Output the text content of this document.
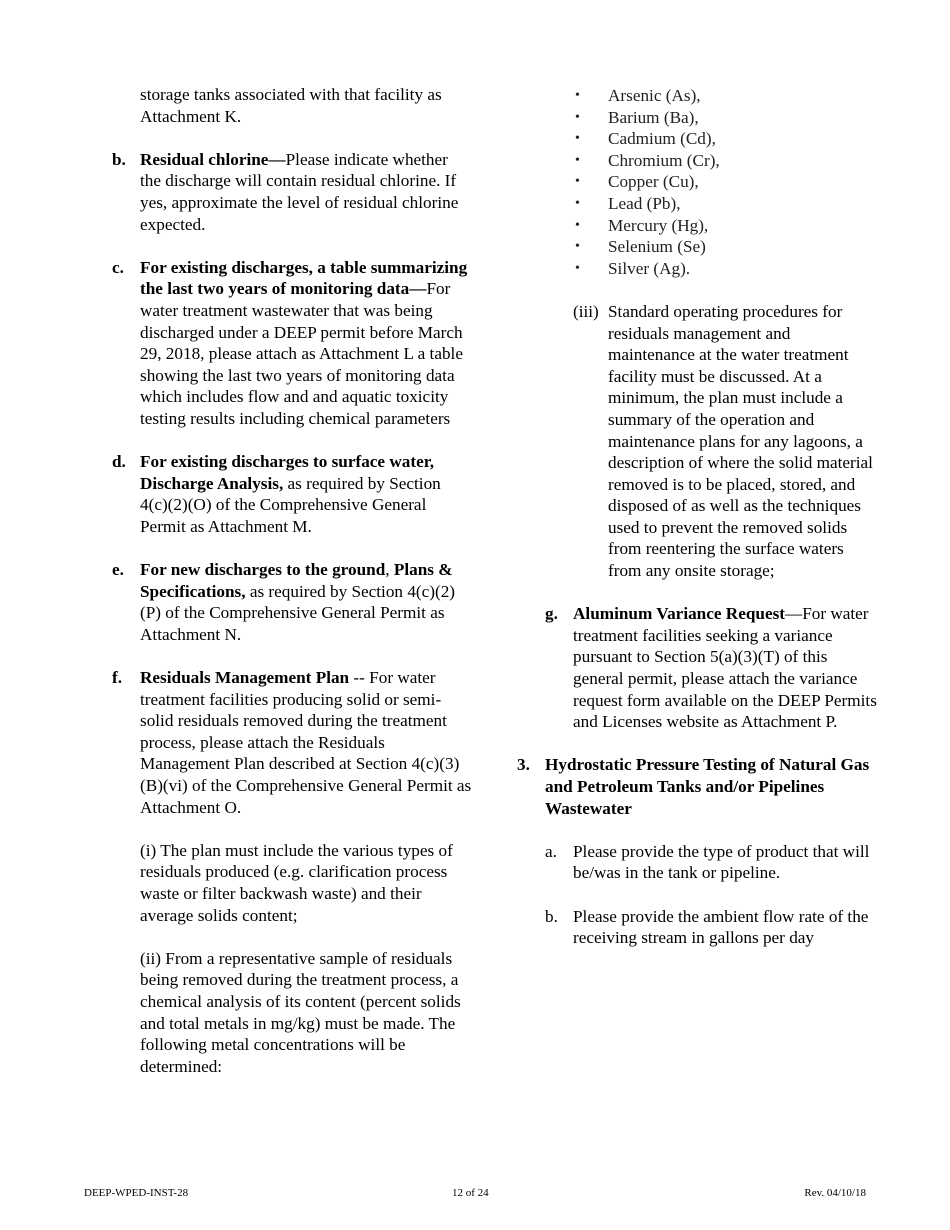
storage tanks associated with that facility as Attachment K.
b. Residual chlorine—Please indicate whether the discharge will contain residual chlorine. If yes, approximate the level of residual chlorine expected.
c. For existing discharges, a table summarizing the last two years of monitoring data—For water treatment wastewater that was being discharged under a DEEP permit before March 29, 2018, please attach as Attachment L a table showing the last two years of monitoring data which includes flow and and aquatic toxicity testing results including chemical parameters
d. For existing discharges to surface water, Discharge Analysis, as required by Section 4(c)(2)(O) of the Comprehensive General Permit as Attachment M.
e. For new discharges to the ground, Plans & Specifications, as required by Section 4(c)(2)(P) of the Comprehensive General Permit as Attachment N.
f. Residuals Management Plan -- For water treatment facilities producing solid or semi-solid residuals removed during the treatment process, please attach the Residuals Management Plan described at Section 4(c)(3)(B)(vi) of the Comprehensive General Permit as Attachment O.
(i) The plan must include the various types of residuals produced (e.g. clarification process waste or filter backwash waste) and their average solids content;
(ii) From a representative sample of residuals being removed during the treatment process, a chemical analysis of its content (percent solids and total metals in mg/kg) must be made. The following metal concentrations will be determined:
• Arsenic (As),
• Barium (Ba),
• Cadmium (Cd),
• Chromium (Cr),
• Copper (Cu),
• Lead (Pb),
• Mercury (Hg),
• Selenium (Se)
• Silver (Ag).
(iii) Standard operating procedures for residuals management and maintenance at the water treatment facility must be discussed. At a minimum, the plan must include a summary of the operation and maintenance plans for any lagoons, a description of where the solid material removed is to be placed, stored, and disposed of as well as the techniques used to prevent the removed solids from reentering the surface waters from any onsite storage;
g. Aluminum Variance Request—For water treatment facilities seeking a variance pursuant to Section 5(a)(3)(T) of this general permit, please attach the variance request form available on the DEEP Permits and Licenses website as Attachment P.
3. Hydrostatic Pressure Testing of Natural Gas and Petroleum Tanks and/or Pipelines Wastewater
a. Please provide the type of product that will be/was in the tank or pipeline.
b. Please provide the ambient flow rate of the receiving stream in gallons per day
DEEP-WPED-INST-28	12 of 24	Rev. 04/10/18
